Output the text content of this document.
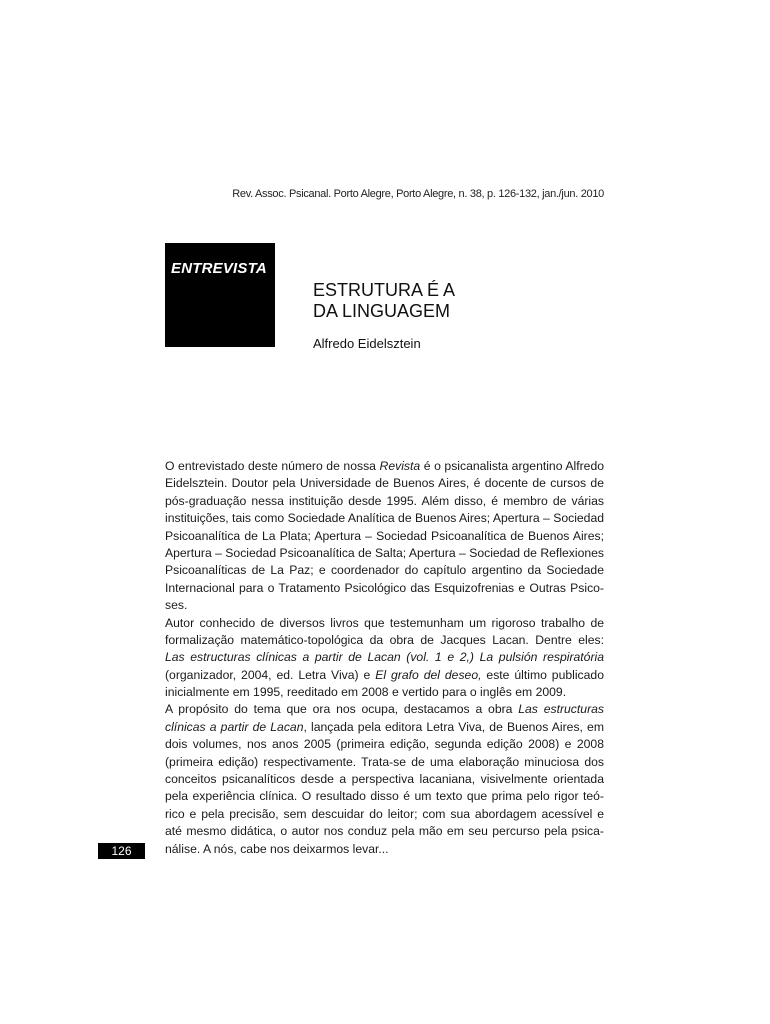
Rev. Assoc. Psicanal. Porto Alegre, Porto Alegre, n. 38, p. 126-132, jan./jun. 2010
ENTREVISTA
ESTRUTURA É A
DA LINGUAGEM
Alfredo Eidelsztein
O entrevistado deste número de nossa Revista é o psicanalista argentino Alfredo
Eidelsztein. Doutor pela Universidade de Buenos Aires, é docente de cursos de
pós-graduação nessa instituição desde 1995. Além disso, é membro de várias
instituições, tais como Sociedade Analítica de Buenos Aires; Apertura – Sociedad
Psicoanalítica de La Plata; Apertura – Sociedad Psicoanalítica de Buenos Aires;
Apertura – Sociedad Psicoanalítica de Salta; Apertura – Sociedad de Reflexiones
Psicoanalíticas de La Paz; e coordenador do capítulo argentino da Sociedade
Internacional para o Tratamento Psicológico das Esquizofrenias e Outras Psico-
ses.
Autor conhecido de diversos livros que testemunham um rigoroso trabalho de
formalização matemático-topológica da obra de Jacques Lacan. Dentre eles:
Las estructuras clínicas a partir de Lacan (vol. 1 e 2,) La pulsión respiratória
(organizador, 2004, ed. Letra Viva) e El grafo del deseo, este último publicado
inicialmente em 1995, reeditado em 2008 e vertido para o inglês em 2009.
A propósito do tema que ora nos ocupa, destacamos a obra Las estructuras
clínicas a partir de Lacan, lançada pela editora Letra Viva, de Buenos Aires, em
dois volumes, nos anos 2005 (primeira edição, segunda edição 2008) e 2008
(primeira edição) respectivamente. Trata-se de uma elaboração minuciosa dos
conceitos psicanalíticos desde a perspectiva lacaniana, visivelmente orientada
pela experiência clínica. O resultado disso é um texto que prima pelo rigor teó-
rico e pela precisão, sem descuidar do leitor; com sua abordagem acessível e
até mesmo didática, o autor nos conduz pela mão em seu percurso pela psica-
nálise. A nós, cabe nos deixarmos levar...
126
